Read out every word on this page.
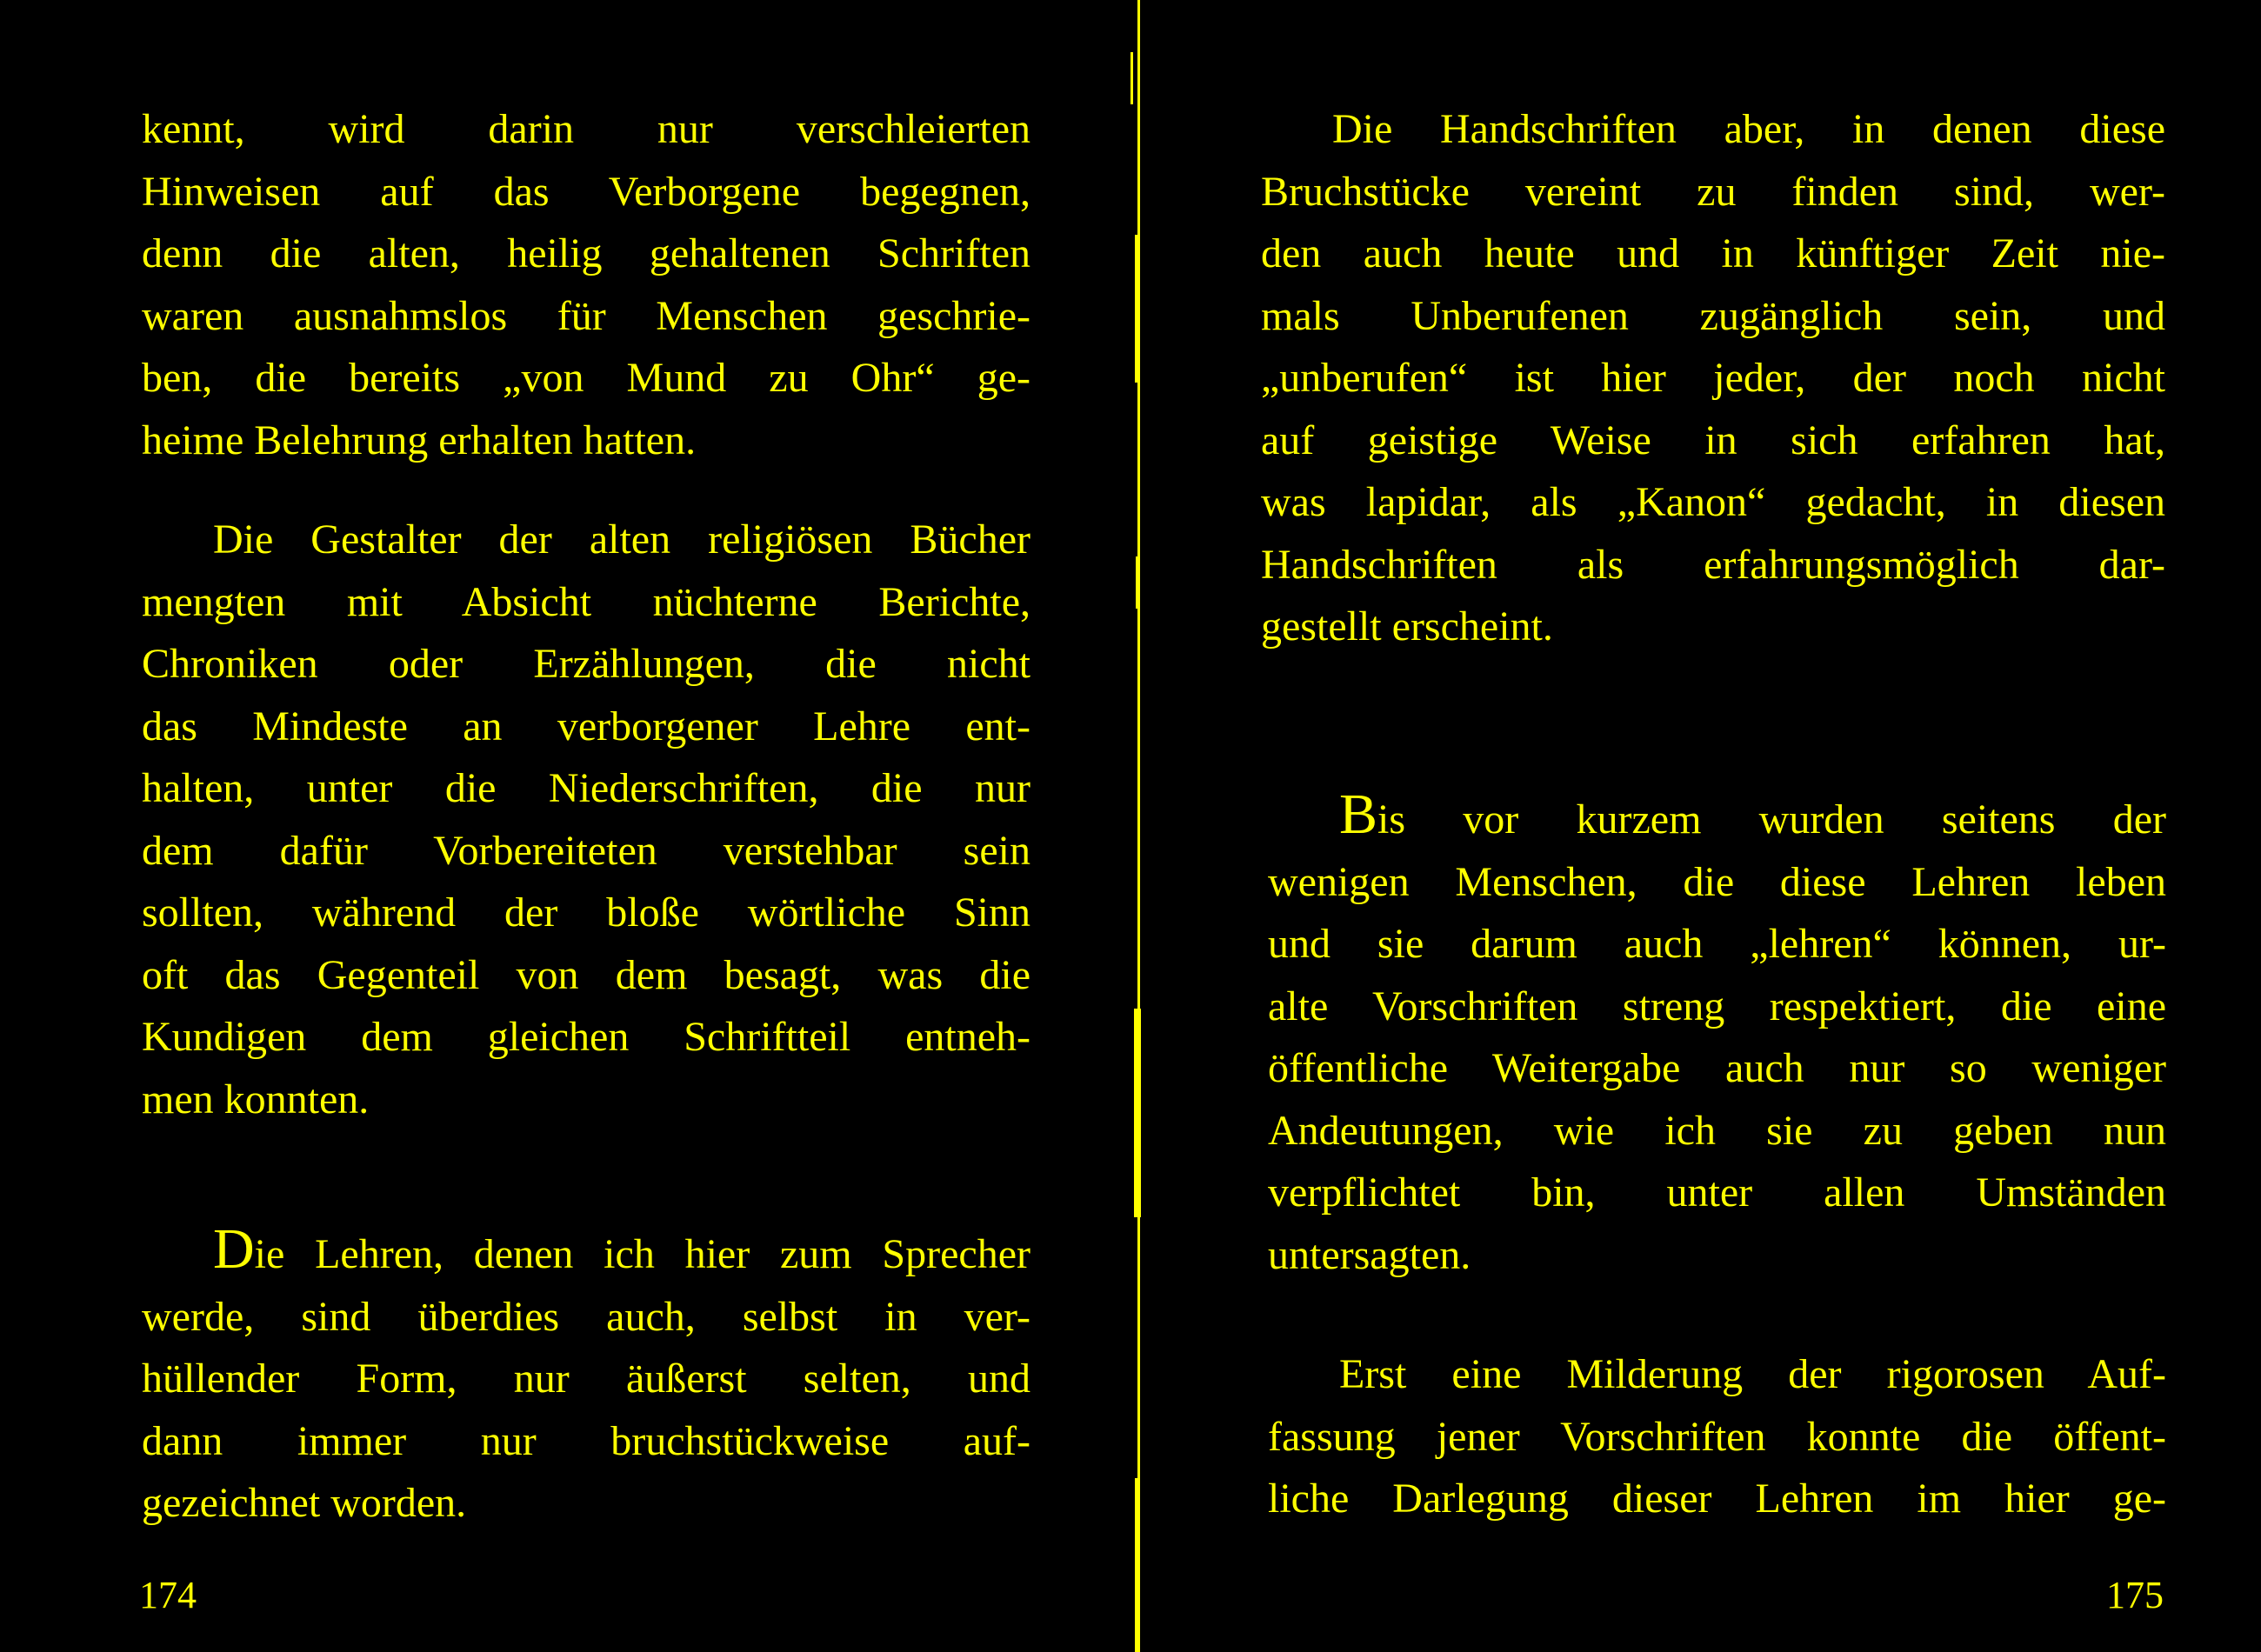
kennt, wird darin nur verschleierten
Hinweisen auf das Verborgene begegnen,
denn die alten, heilig gehaltenen Schriften
waren ausnahmslos für Menschen geschrie-
ben, die bereits „von Mund zu Ohr“ ge-
heime Belehrung erhalten hatten.
Die Gestalter der alten religiösen Bücher
mengten mit Absicht nüchterne Berichte,
Chroniken oder Erzählungen, die nicht
das Mindeste an verborgener Lehre ent-
halten, unter die Niederschriften, die nur
dem dafür Vorbereiteten verstehbar sein
sollten, während der bloße wörtliche Sinn
oft das Gegenteil von dem besagt, was die
Kundigen dem gleichen Schriftteil entneh-
men konnten.
Die Lehren, denen ich hier zum Sprecher
werde, sind überdies auch, selbst in ver-
hüllender Form, nur äußerst selten, und
dann immer nur bruchstückweise auf-
gezeichnet worden.
174
Die Handschriften aber, in denen diese
Bruchstücke vereint zu finden sind, wer-
den auch heute und in künftiger Zeit nie-
mals Unberufenen zugänglich sein, und
„unberufen“ ist hier jeder, der noch nicht
auf geistige Weise in sich erfahren hat,
was lapidar, als „Kanon“ gedacht, in diesen
Handschriften als erfahrungsmöglich dar-
gestellt erscheint.
Bis vor kurzem wurden seitens der
wenigen Menschen, die diese Lehren leben
und sie darum auch „lehren“ können, ur-
alte Vorschriften streng respektiert, die eine
öffentliche Weitergabe auch nur so weniger
Andeutungen, wie ich sie zu geben nun
verpflichtet bin, unter allen Umständen
untersagten.
Erst eine Milderung der rigorosen Auf-
fassung jener Vorschriften konnte die öffent-
liche Darlegung dieser Lehren im hier ge-
175
